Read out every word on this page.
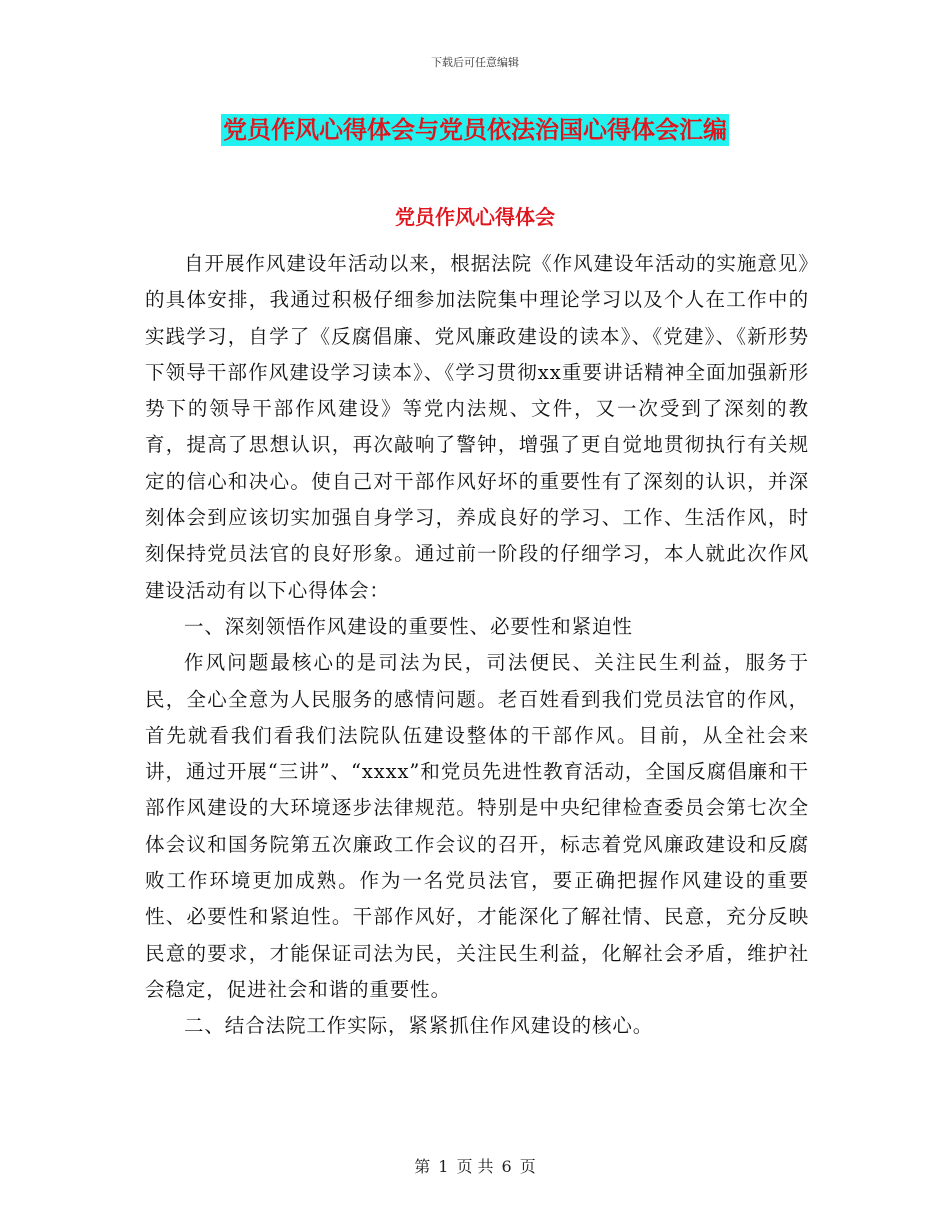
下载后可任意编辑
党员作风心得体会与党员依法治国心得体会汇编
党员作风心得体会

自开展作风建设年活动以来，根据法院《作风建设年活动的实施意见》的具体安排，我通过积极仔细参加法院集中理论学习以及个人在工作中的实践学习，自学了《反腐倡廉、党风廉政建设的读本》、《党建》、《新形势下领导干部作风建设学习读本》、《学习贯彻xx重要讲话精神全面加强新形势下的领导干部作风建设》等党内法规、文件，又一次受到了深刻的教育，提高了思想认识，再次敲响了警钟，增强了更自觉地贯彻执行有关规定的信心和决心。使自己对干部作风好坏的重要性有了深刻的认识，并深刻体会到应该切实加强自身学习，养成良好的学习、工作、生活作风，时刻保持党员法官的良好形象。通过前一阶段的仔细学习，本人就此次作风建设活动有以下心得体会：

一、深刻领悟作风建设的重要性、必要性和紧迫性

作风问题最核心的是司法为民，司法便民、关注民生利益，服务于民，全心全意为人民服务的感情问题。老百姓看到我们党员法官的作风，首先就看我们看我们法院队伍建设整体的干部作风。目前，从全社会来讲，通过开展“三讲”、“xxxx”和党员先进性教育活动，全国反腐倡廉和干部作风建设的大环境逐步法律规范。特别是中央纪律检查委员会第七次全体会议和国务院第五次廉政工作会议的召开，标志着党风廉政建设和反腐败工作环境更加成熟。作为一名党员法官，要正确把握作风建设的重要性、必要性和紧迫性。干部作风好，才能深化了解社情、民意，充分反映民意的要求，才能保证司法为民，关注民生利益，化解社会矛盾，维护社会稳定，促进社会和谐的重要性。

二、结合法院工作实际，紧紧抓住作风建设的核心。

第 1 页 共 6 页
